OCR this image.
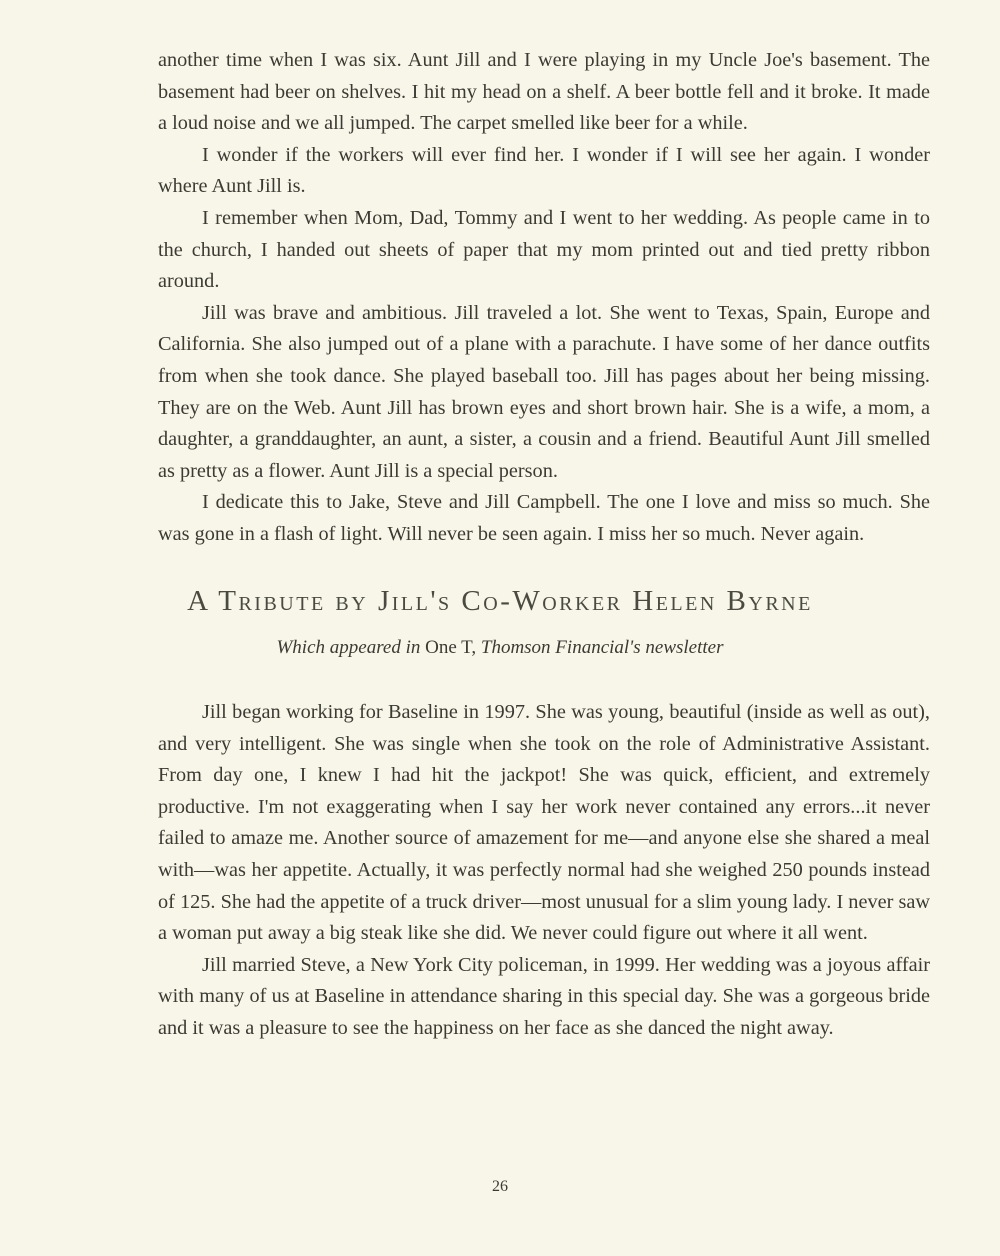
another time when I was six. Aunt Jill and I were playing in my Uncle Joe's basement. The basement had beer on shelves. I hit my head on a shelf. A beer bottle fell and it broke. It made a loud noise and we all jumped. The carpet smelled like beer for a while.

I wonder if the workers will ever find her. I wonder if I will see her again. I wonder where Aunt Jill is.

I remember when Mom, Dad, Tommy and I went to her wedding. As people came in to the church, I handed out sheets of paper that my mom printed out and tied pretty ribbon around.

Jill was brave and ambitious. Jill traveled a lot. She went to Texas, Spain, Europe and California. She also jumped out of a plane with a parachute. I have some of her dance outfits from when she took dance. She played baseball too. Jill has pages about her being missing. They are on the Web. Aunt Jill has brown eyes and short brown hair. She is a wife, a mom, a daughter, a granddaughter, an aunt, a sister, a cousin and a friend. Beautiful Aunt Jill smelled as pretty as a flower. Aunt Jill is a special person.

I dedicate this to Jake, Steve and Jill Campbell. The one I love and miss so much. She was gone in a flash of light. Will never be seen again. I miss her so much. Never again.

A Tribute by Jill's Co-Worker Helen Byrne
Which appeared in One T, Thomson Financial's newsletter

Jill began working for Baseline in 1997. She was young, beautiful (inside as well as out), and very intelligent. She was single when she took on the role of Administrative Assistant. From day one, I knew I had hit the jackpot! She was quick, efficient, and extremely productive. I'm not exaggerating when I say her work never contained any errors...it never failed to amaze me. Another source of amazement for me—and anyone else she shared a meal with—was her appetite. Actually, it was perfectly normal had she weighed 250 pounds instead of 125. She had the appetite of a truck driver—most unusual for a slim young lady. I never saw a woman put away a big steak like she did. We never could figure out where it all went.

Jill married Steve, a New York City policeman, in 1999. Her wedding was a joyous affair with many of us at Baseline in attendance sharing in this special day. She was a gorgeous bride and it was a pleasure to see the happiness on her face as she danced the night away.

26
